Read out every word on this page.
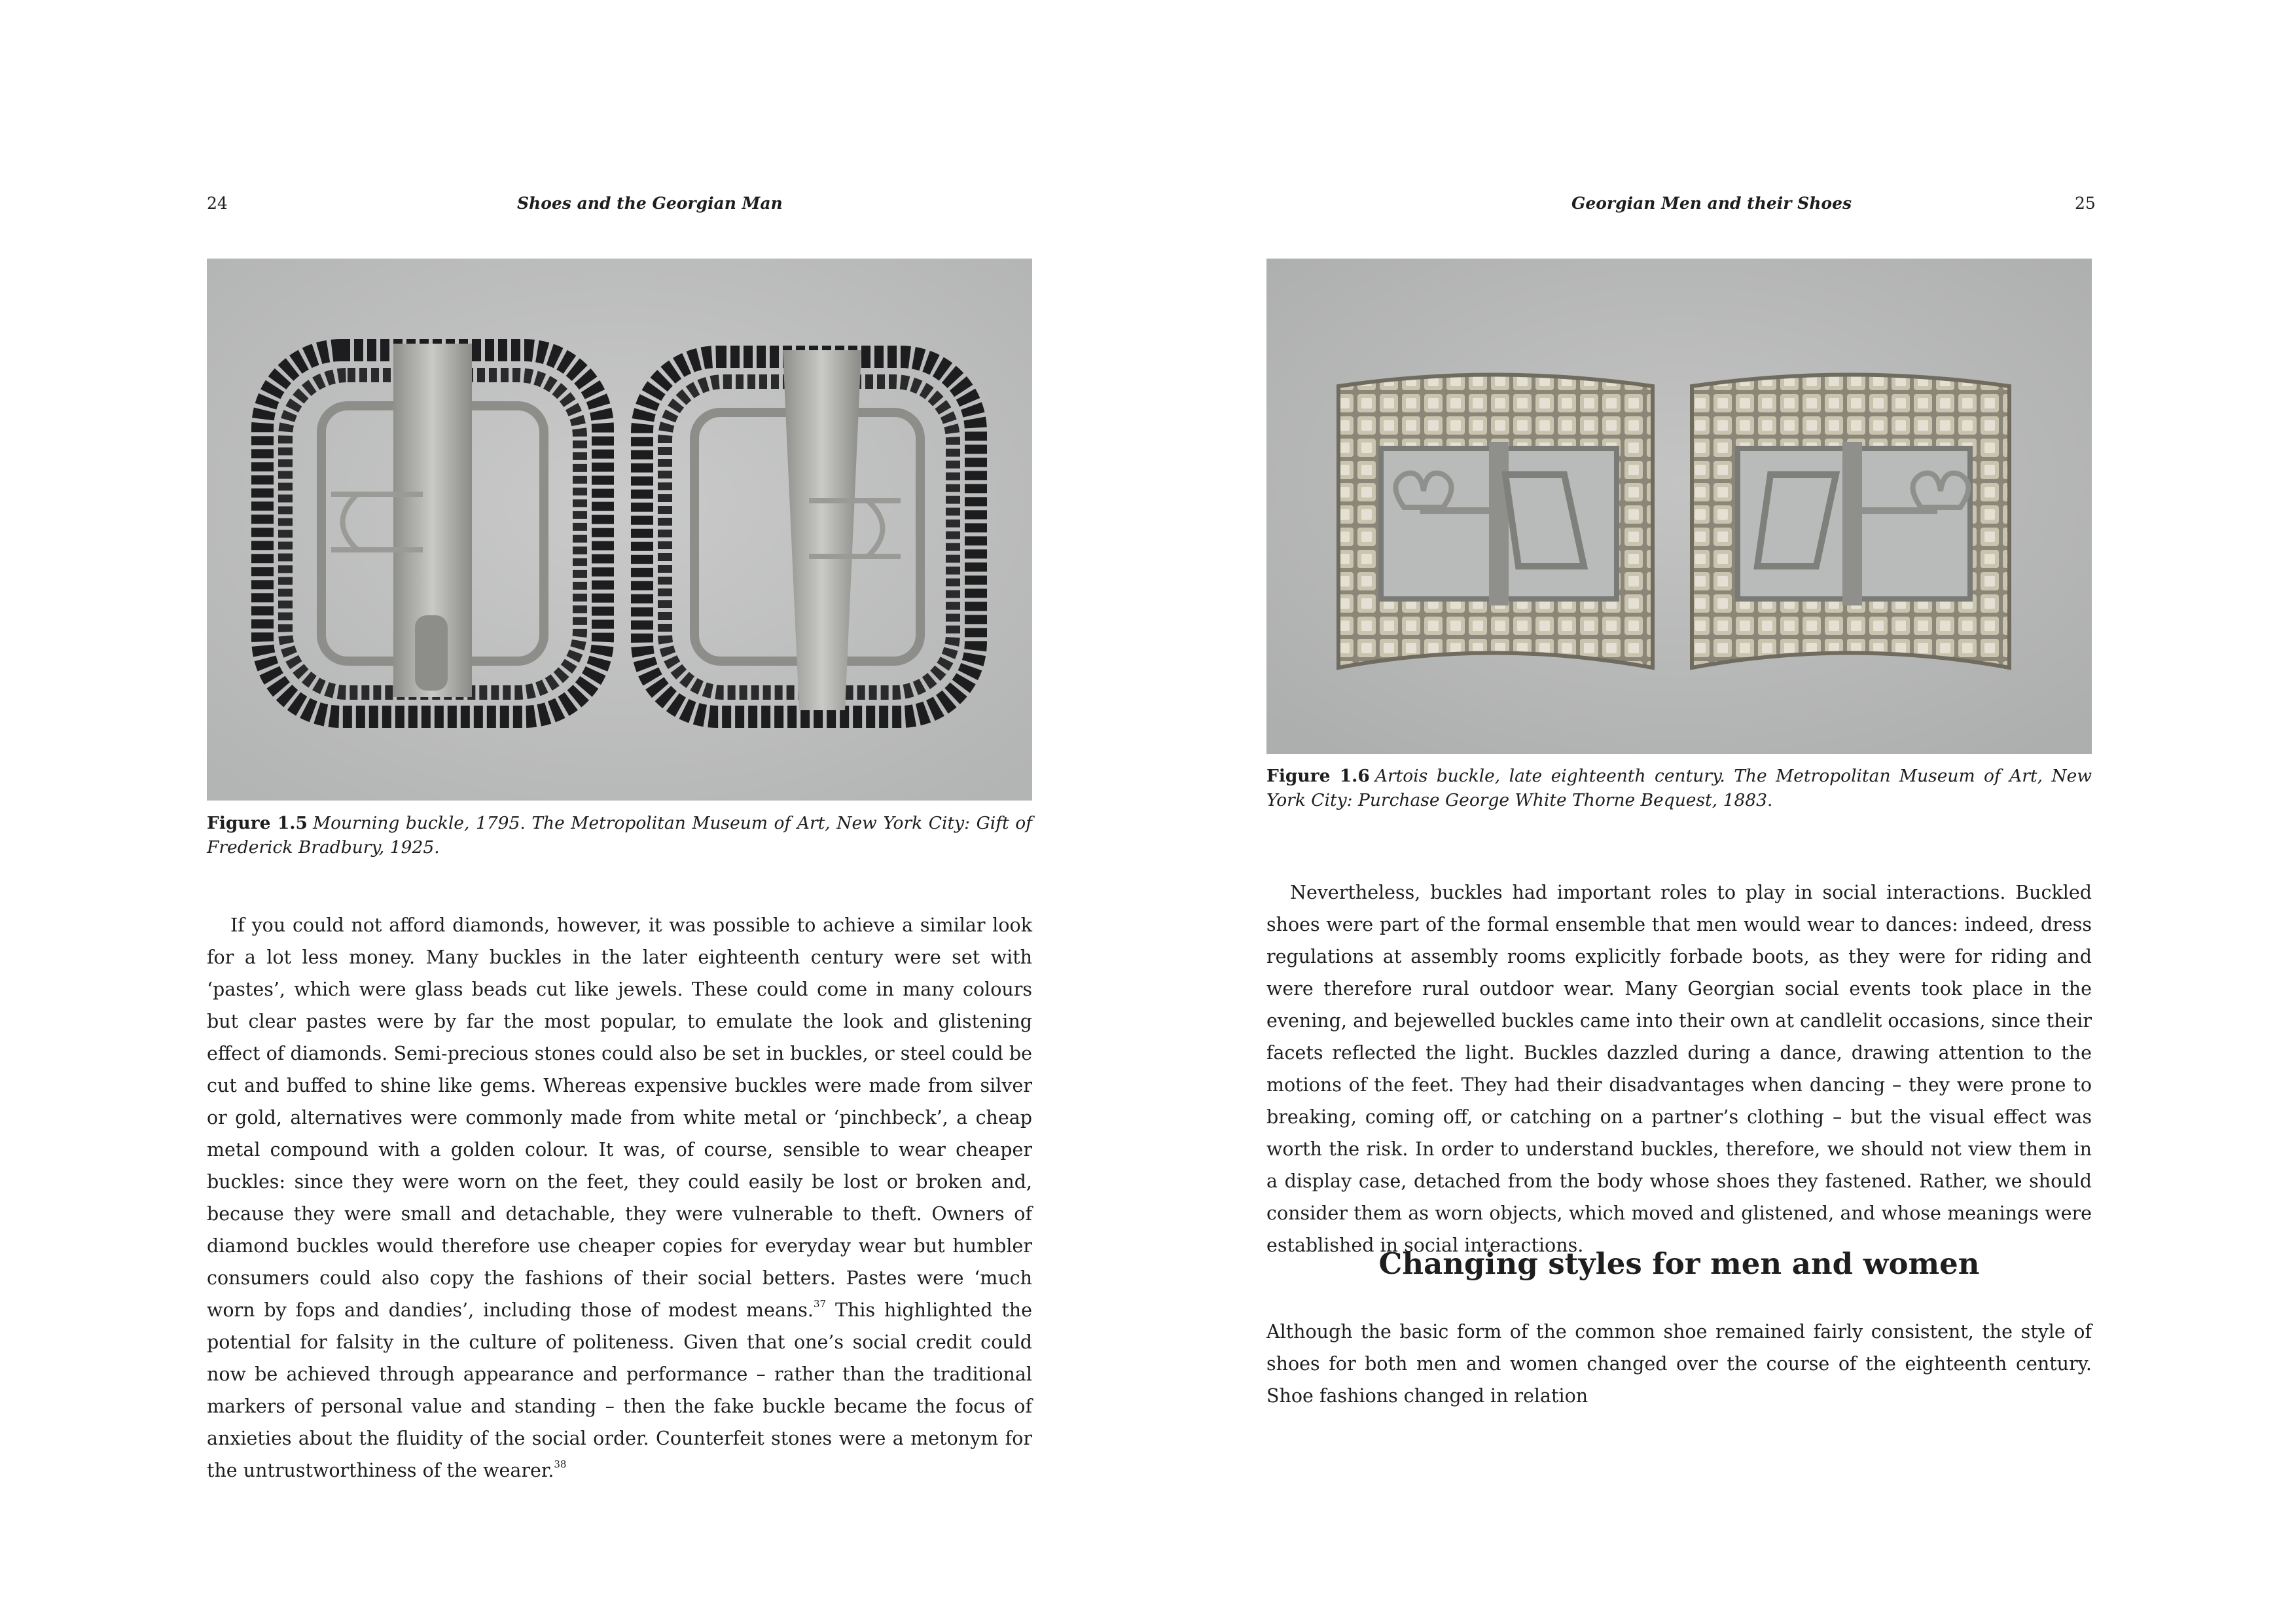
24	Shoes and the Georgian Man
Figure 1.5 Mourning buckle, 1795. The Metropolitan Museum of Art, New York City: Gift of Frederick Bradbury, 1925.

If you could not afford diamonds, however, it was possible to achieve a similar look for a lot less money. Many buckles in the later eighteenth century were set with ‘pastes’, which were glass beads cut like jewels. These could come in many colours but clear pastes were by far the most popular, to emulate the look and glistening effect of diamonds. Semi-precious stones could also be set in buckles, or steel could be cut and buffed to shine like gems. Whereas expensive buckles were made from silver or gold, alternatives were commonly made from white metal or ‘pinchbeck’, a cheap metal compound with a golden colour. It was, of course, sensible to wear cheaper buckles: since they were worn on the feet, they could easily be lost or broken and, because they were small and detachable, they were vulnerable to theft. Owners of diamond buckles would therefore use cheaper copies for everyday wear but humbler consumers could also copy the fashions of their social betters. Pastes were ‘much worn by fops and dandies’, including those of modest means.$^{37}$ This highlighted the potential for falsity in the culture of politeness. Given that one’s social credit could now be achieved through appearance and performance – rather than the traditional markers of personal value and standing – then the fake buckle became the focus of anxieties about the fluidity of the social order. Counterfeit stones were a metonym for the untrustworthiness of the wearer.$^{38}$

Georgian Men and their Shoes	25
Figure 1.6 Artois buckle, late eighteenth century. The Metropolitan Museum of Art, New York City: Purchase George White Thorne Bequest, 1883.

Nevertheless, buckles had important roles to play in social interactions. Buckled shoes were part of the formal ensemble that men would wear to dances: indeed, dress regulations at assembly rooms explicitly forbade boots, as they were for riding and were therefore rural outdoor wear. Many Georgian social events took place in the evening, and bejewelled buckles came into their own at candlelit occasions, since their facets reflected the light. Buckles dazzled during a dance, drawing attention to the motions of the feet. They had their disadvantages when dancing – they were prone to breaking, coming off, or catching on a partner’s clothing – but the visual effect was worth the risk. In order to understand buckles, therefore, we should not view them in a display case, detached from the body whose shoes they fastened. Rather, we should consider them as worn objects, which moved and glistened, and whose meanings were established in social interactions.

Changing styles for men and women

Although the basic form of the common shoe remained fairly consistent, the style of shoes for both men and women changed over the course of the eighteenth century. Shoe fashions changed in relation
